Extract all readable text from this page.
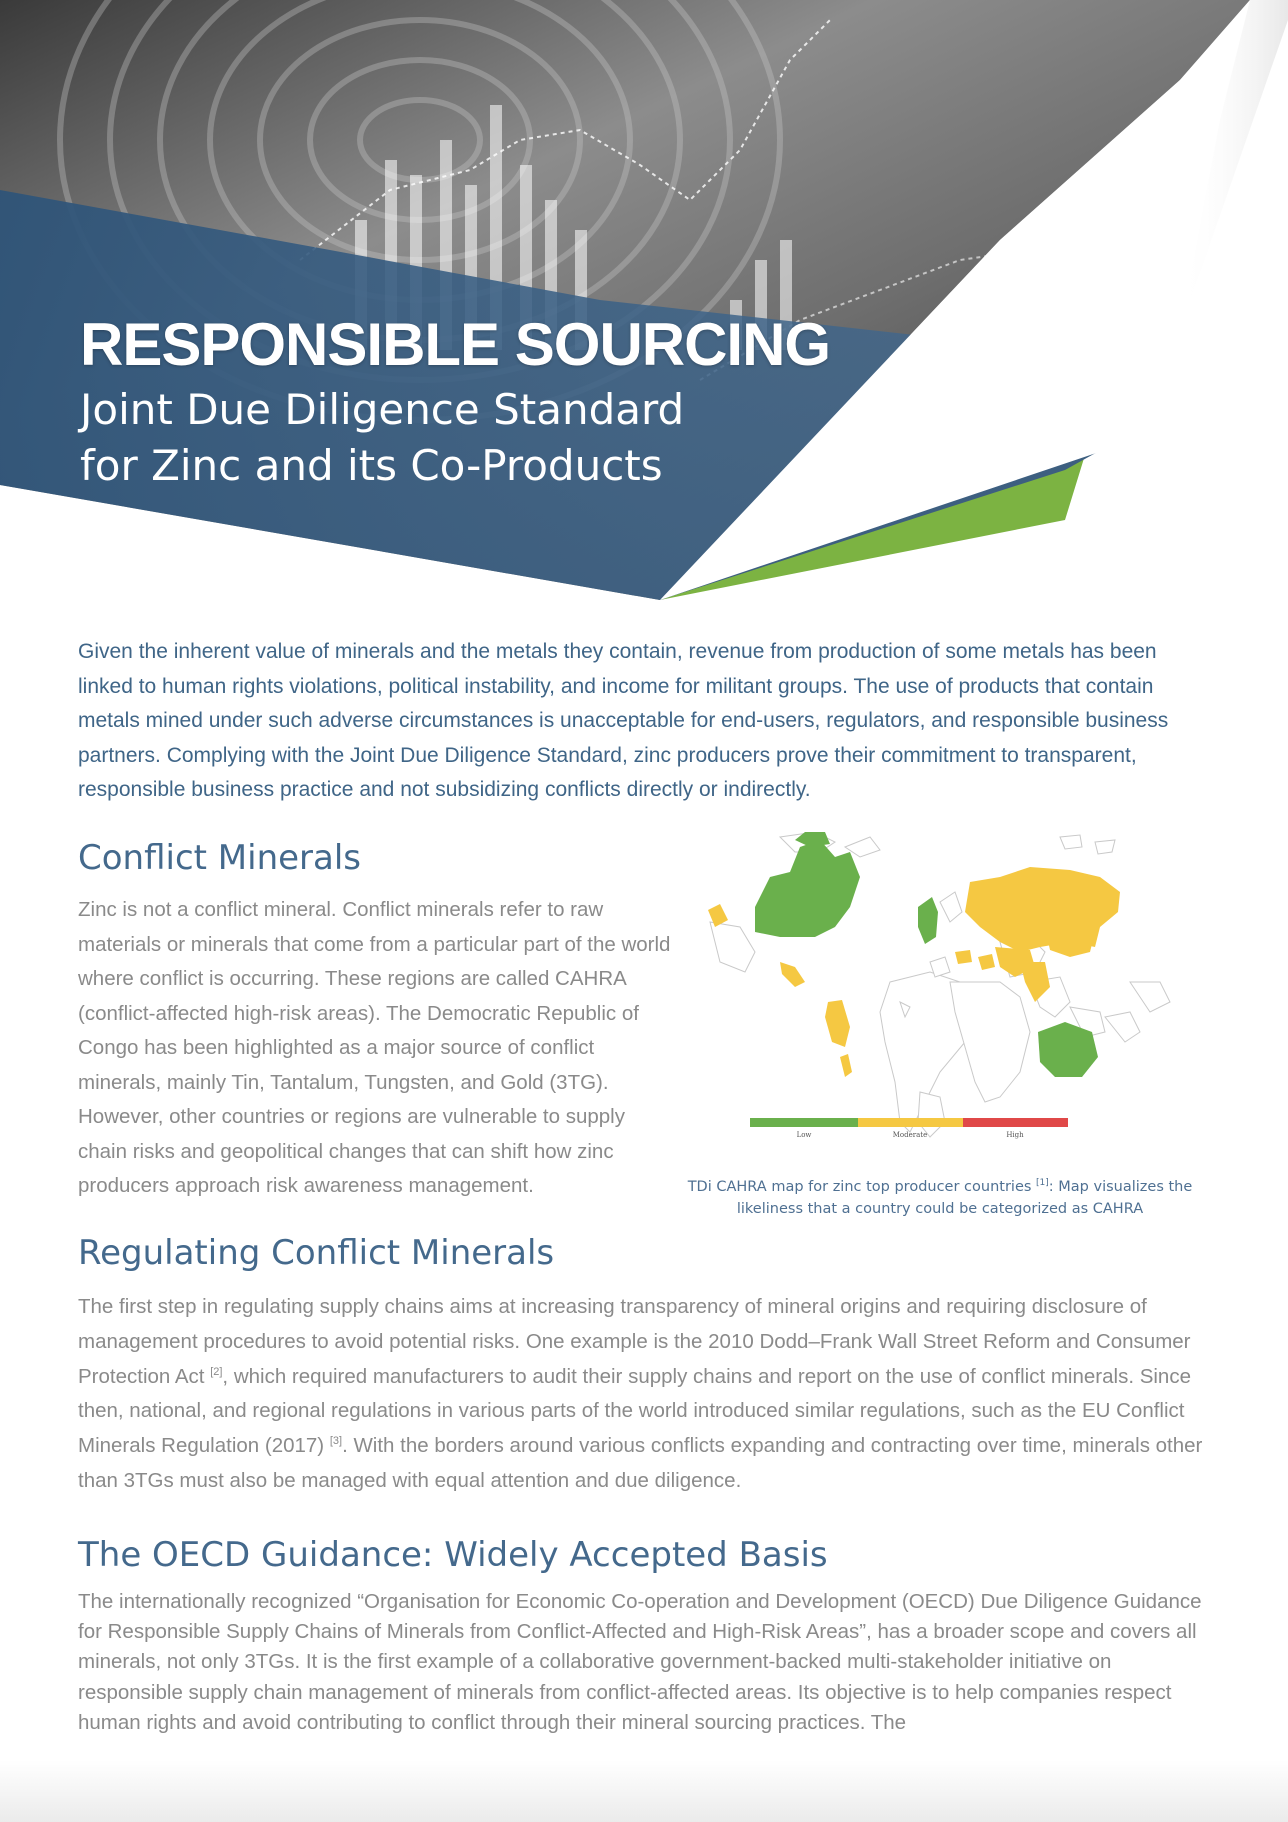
RESPONSIBLE SOURCING
Joint Due Diligence Standard
for Zinc and its Co-Products

Given the inherent value of minerals and the metals they contain, revenue from production of some metals has been linked to human rights violations, political instability, and income for militant groups. The use of products that contain metals mined under such adverse circumstances is unacceptable for end-users, regulators, and responsible business partners. Complying with the Joint Due Diligence Standard, zinc producers prove their commitment to transparent, responsible business practice and not subsidizing conflicts directly or indirectly.

Conflict Minerals

Zinc is not a conflict mineral. Conflict minerals refer to raw materials or minerals that come from a particular part of the world where conflict is occurring. These regions are called CAHRA (conflict-affected high-risk areas). The Democratic Republic of Congo has been highlighted as a major source of conflict minerals, mainly Tin, Tantalum, Tungsten, and Gold (3TG). However, other countries or regions are vulnerable to supply chain risks and geopolitical changes that can shift how zinc producers approach risk awareness management.

Low	Moderate	High

TDi CAHRA map for zinc top producer countries [1]: Map visualizes the likeliness that a country could be categorized as CAHRA

Regulating Conflict Minerals

The first step in regulating supply chains aims at increasing transparency of mineral origins and requiring disclosure of management procedures to avoid potential risks. One example is the 2010 Dodd–Frank Wall Street Reform and Consumer Protection Act [2], which required manufacturers to audit their supply chains and report on the use of conflict minerals. Since then, national, and regional regulations in various parts of the world introduced similar regulations, such as the EU Conflict Minerals Regulation (2017) [3]. With the borders around various conflicts expanding and contracting over time, minerals other than 3TGs must also be managed with equal attention and due diligence.

The OECD Guidance: Widely Accepted Basis

The internationally recognized “Organisation for Economic Co-operation and Development (OECD) Due Diligence Guidance for Responsible Supply Chains of Minerals from Conflict-Affected and High-Risk Areas”, has a broader scope and covers all minerals, not only 3TGs. It is the first example of a collaborative government-backed multi-stakeholder initiative on responsible supply chain management of minerals from conflict-affected areas. Its objective is to help companies respect human rights and avoid contributing to conflict through their mineral sourcing practices. The
